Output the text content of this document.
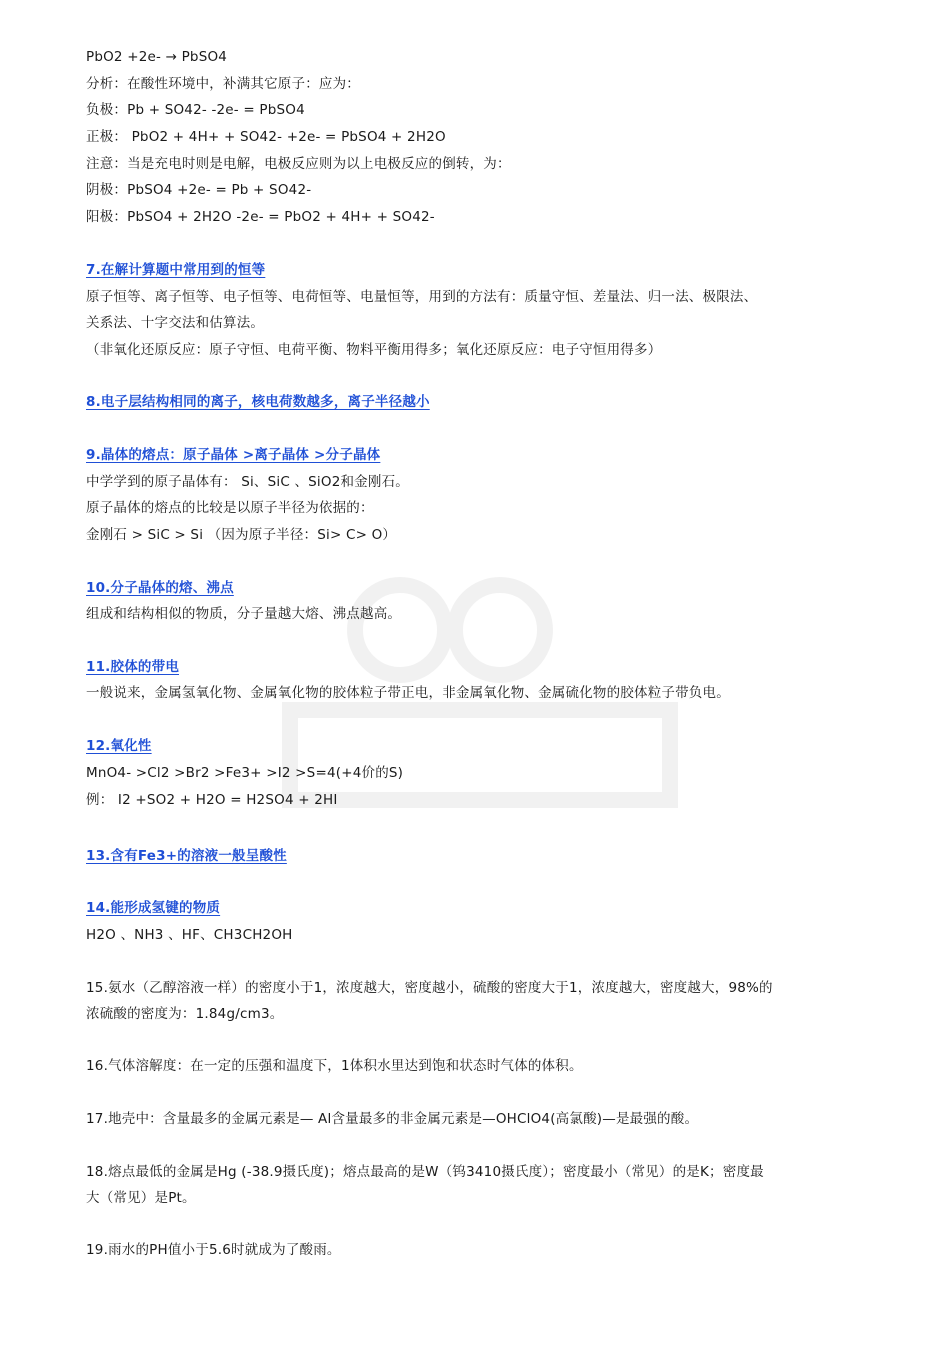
PbO2 +2e- → PbSO4
分析：在酸性环境中，补满其它原子：应为：
负极：Pb + SO42- -2e- = PbSO4
正极： PbO2 + 4H+ + SO42- +2e- = PbSO4 + 2H2O
注意：当是充电时则是电解，电极反应则为以上电极反应的倒转，为：
阴极：PbSO4 +2e- = Pb + SO42-
阳极：PbSO4 + 2H2O -2e- = PbO2 + 4H+ + SO42-
7.在解计算题中常用到的恒等
原子恒等、离子恒等、电子恒等、电荷恒等、电量恒等，用到的方法有：质量守恒、差量法、归一法、极限法、
关系法、十字交法和估算法。
（非氧化还原反应：原子守恒、电荷平衡、物料平衡用得多；氧化还原反应：电子守恒用得多）
8.电子层结构相同的离子，核电荷数越多，离子半径越小
9.晶体的熔点：原子晶体 >离子晶体 >分子晶体
中学学到的原子晶体有： Si、SiC 、SiO2和金刚石。
原子晶体的熔点的比较是以原子半径为依据的：
金刚石 > SiC > Si （因为原子半径：Si> C> O）
10.分子晶体的熔、沸点
组成和结构相似的物质，分子量越大熔、沸点越高。
11.胶体的带电
一般说来，金属氢氧化物、金属氧化物的胶体粒子带正电，非金属氧化物、金属硫化物的胶体粒子带负电。
12.氧化性
MnO4- >Cl2 >Br2 >Fe3+ >I2 >S=4(+4价的S)
例： I2 +SO2 + H2O = H2SO4 + 2HI
13.含有Fe3+的溶液一般呈酸性
14.能形成氢键的物质
H2O 、NH3 、HF、CH3CH2OH
15.氨水（乙醇溶液一样）的密度小于1，浓度越大，密度越小，硫酸的密度大于1，浓度越大，密度越大，98%的
浓硫酸的密度为：1.84g/cm3。
16.气体溶解度：在一定的压强和温度下，1体积水里达到饱和状态时气体的体积。
17.地壳中：含量最多的金属元素是— Al含量最多的非金属元素是—OHClO4(高氯酸)—是最强的酸。
18.熔点最低的金属是Hg (-38.9摄氏度)；熔点最高的是W（钨3410摄氏度）；密度最小（常见）的是K；密度最
大（常见）是Pt。
19.雨水的PH值小于5.6时就成为了酸雨。
